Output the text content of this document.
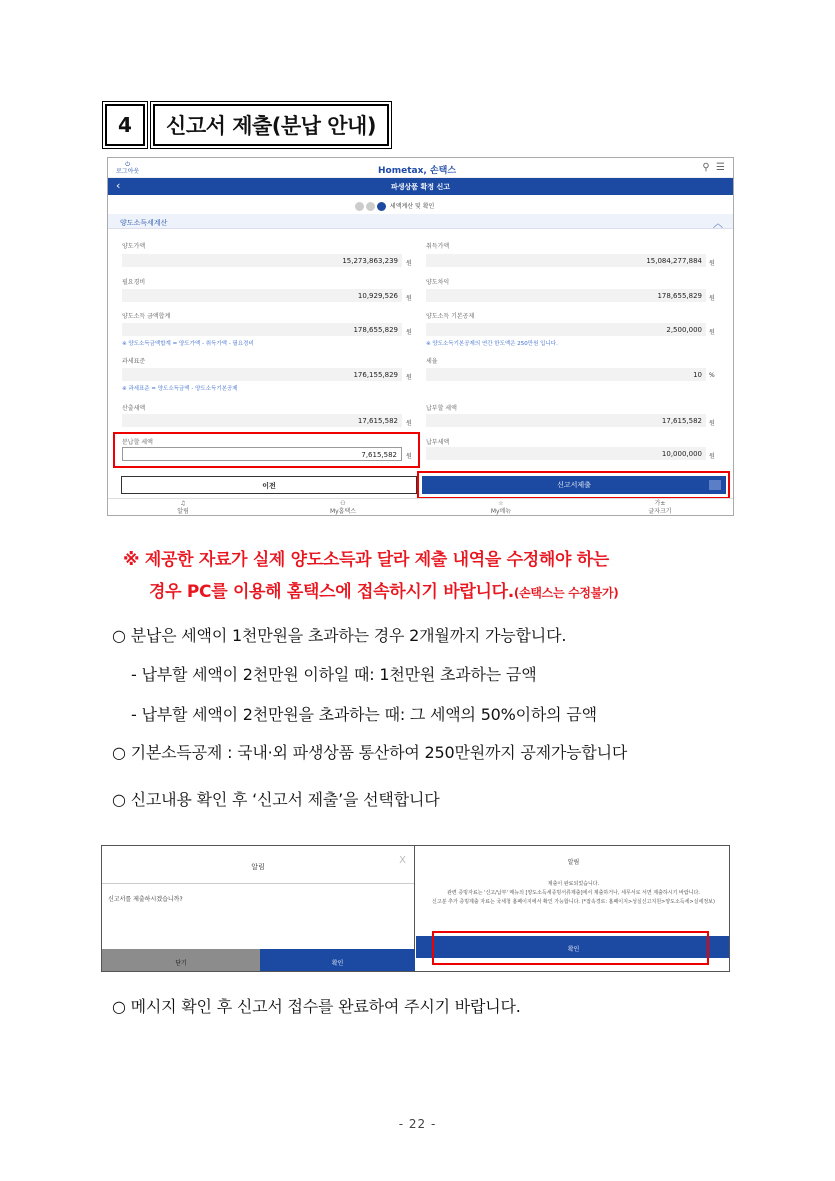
4	신고서 제출(분납 안내)
⏻
로그아웃	Hometax, 손택스	⚲ ☰
‹	파생상품 확정 신고
세액계산 및 확인
양도소득세계산	︿
양도가액
15,273,863,239	원
취득가액
15,084,277,884	원
필요경비
10,929,526	원
양도차익
178,655,829	원
양도소득 금액합계
178,655,829	원
※ 양도소득금액합계 = 양도가액 - 취득가액 - 필요경비
양도소득 기본공제
2,500,000	원
※ 양도소득기본공제의 연간 한도액은 250만원 입니다.
과세표준
176,155,829	원
※ 과세표준 = 양도소득금액 - 양도소득기본공제
세율
10	%
산출세액
17,615,582	원
납부할 세액
17,615,582	원
분납할 세액
7,615,582	원
납부세액
10,000,000	원
이전	신고서제출
♫
알림
⚇
My홈택스
☆
My메뉴
가±
글자크기
※ 제공한 자료가 실제 양도소득과 달라 제출 내역을 수정해야 하는
경우 PC를 이용해 홈택스에 접속하시기 바랍니다.(손택스는 수정불가)
○ 분납은 세액이 1천만원을 초과하는 경우 2개월까지 가능합니다.
- 납부할 세액이 2천만원 이하일 때: 1천만원 초과하는 금액
- 납부할 세액이 2천만원을 초과하는 때: 그 세액의 50%이하의 금액
○ 기본소득공제 : 국내·외 파생상품 통산하여 250만원까지 공제가능합니다
○ 신고내용 확인 후 ‘신고서 제출’을 선택합니다
알림
X
신고서를 제출하시겠습니까?
닫기	확인
알림
제출이 완료되었습니다.
관련 증빙자료는 '신고/납부' 메뉴의 [양도소득세증빙서류제출]에서 제출하거나, 세무서로 서면 제출하시기 바랍니다.
신고분 추가 증빙제출 자료는 국세청 홈페이지에서 확인 가능합니다. (*접속경로: 홈페이지>성실신고지원>양도소득세>실세정보)
확인
○ 메시지 확인 후 신고서 접수를 완료하여 주시기 바랍니다.
- 22 -
